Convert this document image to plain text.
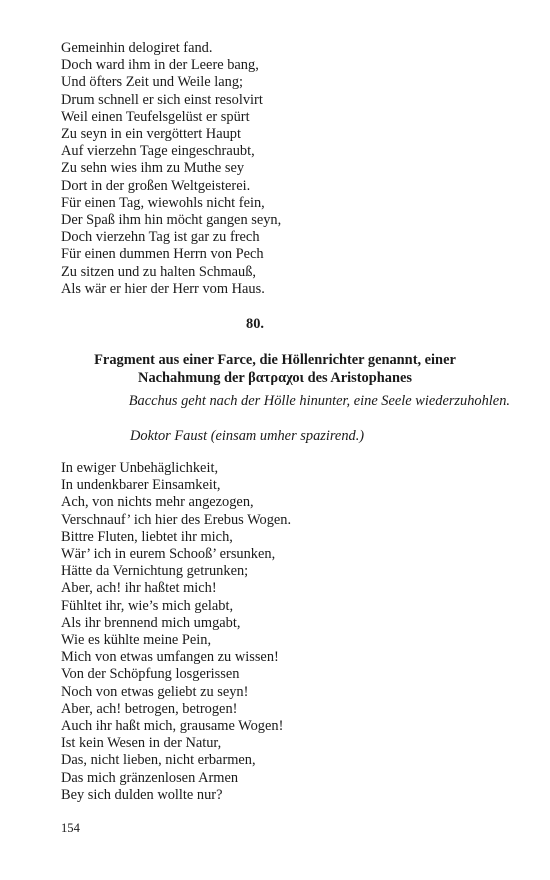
Gemeinhin delogiret fand.
Doch ward ihm in der Leere bang,
Und öfters Zeit und Weile lang;
Drum schnell er sich einst resolvirt
Weil einen Teufelsgelüst er spürt
Zu seyn in ein vergöttert Haupt
Auf vierzehn Tage eingeschraubt,
Zu sehn wies ihm zu Muthe sey
Dort in der großen Weltgeisterei.
Für einen Tag, wiewohls nicht fein,
Der Spaß ihm hin möcht gangen seyn,
Doch vierzehn Tag ist gar zu frech
Für einen dummen Herrn von Pech
Zu sitzen und zu halten Schmauß,
Als wär er hier der Herr vom Haus.
80.
Fragment aus einer Farce, die Höllenrichter genannt, einer
Nachahmung der βατραχοι des Aristophanes
Bacchus geht nach der Hölle hinunter, eine Seele wiederzuhohlen.
Doktor Faust (einsam umher spazirend.)
In ewiger Unbehäglichkeit,
In undenkbarer Einsamkeit,
Ach, von nichts mehr angezogen,
Verschnauf’ ich hier des Erebus Wogen.
Bittre Fluten, liebtet ihr mich,
Wär’ ich in eurem Schooß’ ersunken,
Hätte da Vernichtung getrunken;
Aber, ach! ihr haßtet mich!
Fühltet ihr, wie’s mich gelabt,
Als ihr brennend mich umgabt,
Wie es kühlte meine Pein,
Mich von etwas umfangen zu wissen!
Von der Schöpfung losgerissen
Noch von etwas geliebt zu seyn!
Aber, ach! betrogen, betrogen!
Auch ihr haßt mich, grausame Wogen!
Ist kein Wesen in der Natur,
Das, nicht lieben, nicht erbarmen,
Das mich gränzenlosen Armen
Bey sich dulden wollte nur?
154
